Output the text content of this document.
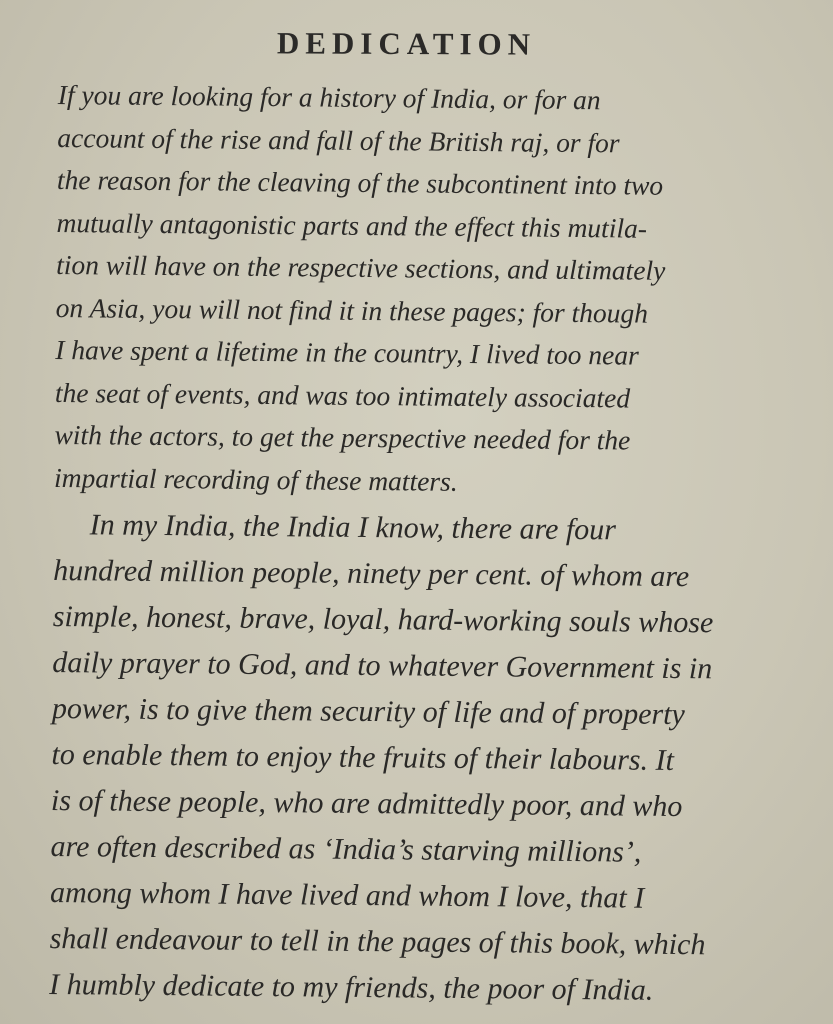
DEDICATION
If you are looking for a history of India, or for an
account of the rise and fall of the British raj, or for
the reason for the cleaving of the subcontinent into two
mutually antagonistic parts and the effect this mutila-
tion will have on the respective sections, and ultimately
on Asia, you will not find it in these pages; for though
I have spent a lifetime in the country, I lived too near
the seat of events, and was too intimately associated
with the actors, to get the perspective needed for the
impartial recording of these matters.
In my India, the India I know, there are four
hundred million people, ninety per cent. of whom are
simple, honest, brave, loyal, hard-working souls whose
daily prayer to God, and to whatever Government is in
power, is to give them security of life and of property
to enable them to enjoy the fruits of their labours. It
is of these people, who are admittedly poor, and who
are often described as ‘India’s starving millions’,
among whom I have lived and whom I love, that I
shall endeavour to tell in the pages of this book, which
I humbly dedicate to my friends, the poor of India.
